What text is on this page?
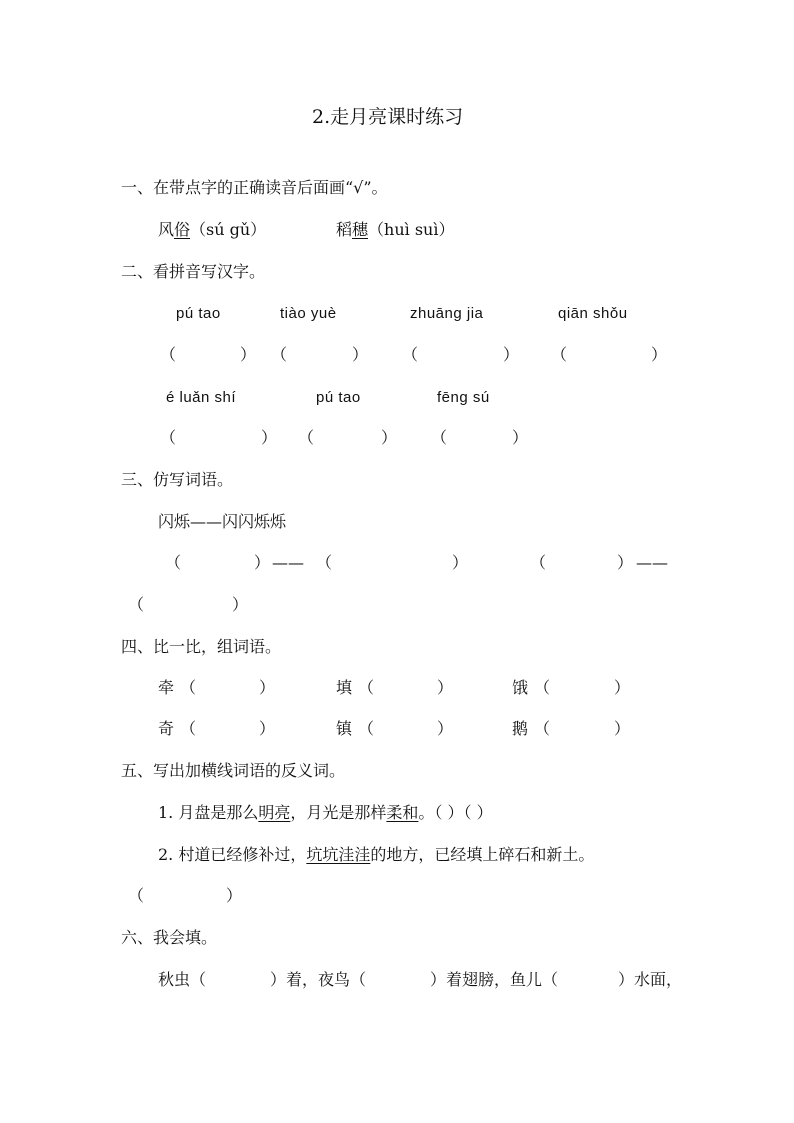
2.走月亮课时练习
一、在带点字的正确读音后面画“√”。
风俗（sú gǔ）	稻穗（huì suì）
二、看拼音写汉字。
pú tao	tiào yuè	zhuāng jia	qiān shǒu
（	） （	） （	） （	）
é luǎn shí	pú tao	fēng sú
（	） （	） （	）
三、仿写词语。
闪烁——闪闪烁烁
（	） —— （	）	（	） ——
（	）
四、比一比，组词语。
牵 （	）	填 （	）	饿 （	）
奇 （	）	镇 （	）	鹅 （	）
五、写出加横线词语的反义词。
1. 月盘是那么明亮，月光是那样柔和。（ ）（ ）
2. 村道已经修补过，坑坑洼洼的地方，已经填上碎石和新土。
（	）
六、我会填。
秋虫（	）着，夜鸟（	）着翅膀，鱼儿（	）水面，
